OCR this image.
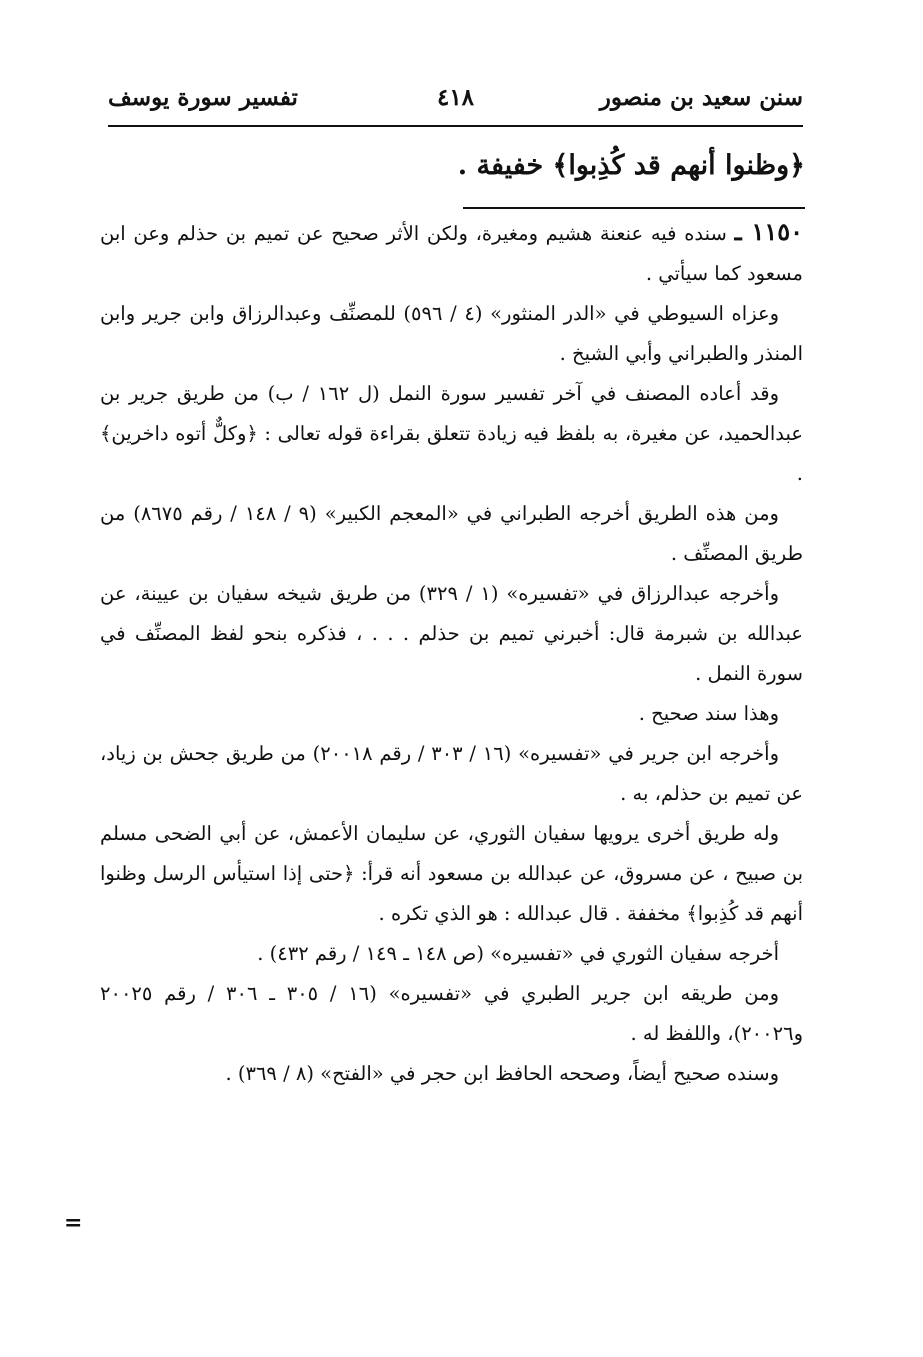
سنن سعيد بن منصور
٤١٨
تفسير سورة يوسف
﴿وظنوا أنهم قد كُذِبوا﴾ خفيفة .

١١٥٠ ـ سنده فيه عنعنة هشيم ومغيرة، ولكن الأثر صحيح عن تميم بن حذلم وعن ابن مسعود كما سيأتي .

وعزاه السيوطي في «الدر المنثور» (٤ / ٥٩٦) للمصنِّف وعبدالرزاق وابن جرير وابن المنذر والطبراني وأبي الشيخ .

وقد أعاده المصنف في آخر تفسير سورة النمل (ل ١٦٢ / ب) من طريق جرير بن عبدالحميد، عن مغيرة، به بلفظ فيه زيادة تتعلق بقراءة قوله تعالى : ﴿وكلٌّ أتوه داخرين﴾ .

ومن هذه الطريق أخرجه الطبراني في «المعجم الكبير» (٩ / ١٤٨ / رقم ٨٦٧٥) من طريق المصنِّف .

وأخرجه عبدالرزاق في «تفسيره» (١ / ٣٢٩) من طريق شيخه سفيان بن عيينة، عن عبدالله بن شبرمة قال: أخبرني تميم بن حذلم . . . ، فذكره بنحو لفظ المصنِّف في سورة النمل .

وهذا سند صحيح .

وأخرجه ابن جرير في «تفسيره» (١٦ / ٣٠٣ / رقم ٢٠٠١٨) من طريق جحش بن زياد، عن تميم بن حذلم، به .

وله طريق أخرى يرويها سفيان الثوري، عن سليمان الأعمش، عن أبي الضحى مسلم بن صبيح ، عن مسروق، عن عبدالله بن مسعود أنه قرأ: ﴿حتى إذا استيأس الرسل وظنوا أنهم قد كُذِبوا﴾ مخففة . قال عبدالله : هو الذي تكره .

أخرجه سفيان الثوري في «تفسيره» (ص ١٤٨ ـ ١٤٩ / رقم ٤٣٢) .

ومن طريقه ابن جرير الطبري في «تفسيره» (١٦ / ٣٠٥ ـ ٣٠٦ / رقم ٢٠٠٢٥ و٢٠٠٢٦)، واللفظ له .

وسنده صحيح أيضاً، وصححه الحافظ ابن حجر في «الفتح» (٨ / ٣٦٩) .

=
